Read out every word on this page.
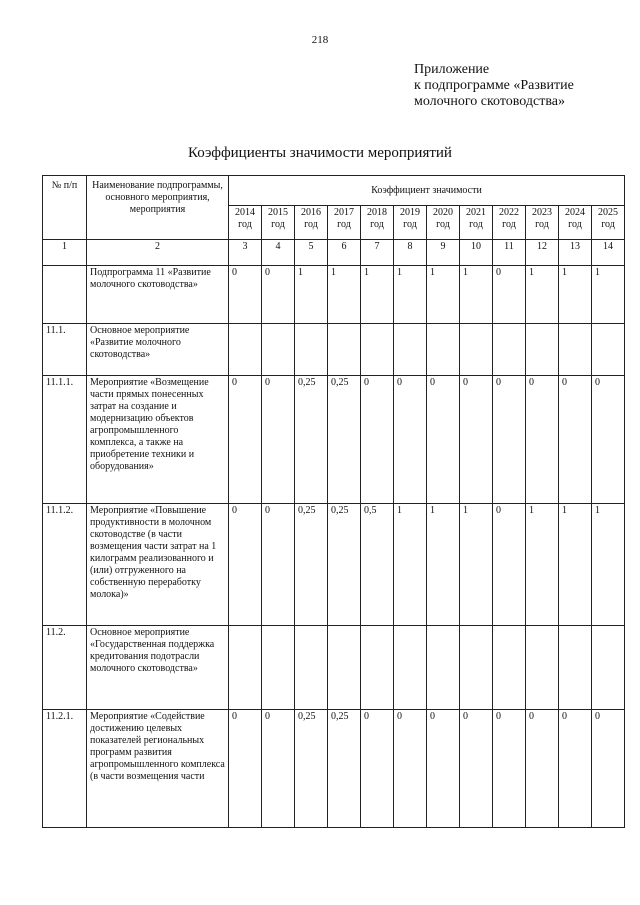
218
Приложение
к подпрограмме «Развитие
молочного скотоводства»
Коэффициенты значимости мероприятий
№ п/п	Наименование подпрограммы, основного мероприятия, мероприятия	Коэффициент значимости											
		2014 год	2015 год	2016 год	2017 год	2018 год	2019 год	2020 год	2021 год	2022 год	2023 год	2024 год	2025 год
1	2	3	4	5	6	7	8	9	10	11	12	13	14
	Подпрограмма 11 «Развитие молочного скотоводства»	0	0	1	1	1	1	1	1	0	1	1	1
11.1.	Основное мероприятие «Развитие молочного скотоводства»												
11.1.1.	Мероприятие «Возмещение части прямых понесенных затрат на создание и модернизацию объектов агропромышленного комплекса, а также на приобретение техники и оборудования»	0	0	0,25	0,25	0	0	0	0	0	0	0	0
11.1.2.	Мероприятие «Повышение продуктивности в молочном скотоводстве (в части возмещения части затрат на 1 килограмм реализованного и (или) отгруженного на собственную переработку молока)»	0	0	0,25	0,25	0,5	1	1	1	0	1	1	1
11.2.	Основное мероприятие «Государственная поддержка кредитования подотрасли молочного скотоводства»												
11.2.1.	Мероприятие «Содействие достижению целевых показателей региональных программ развития агропромышленного комплекса (в части возмещения части	0	0	0,25	0,25	0	0	0	0	0	0	0	0
